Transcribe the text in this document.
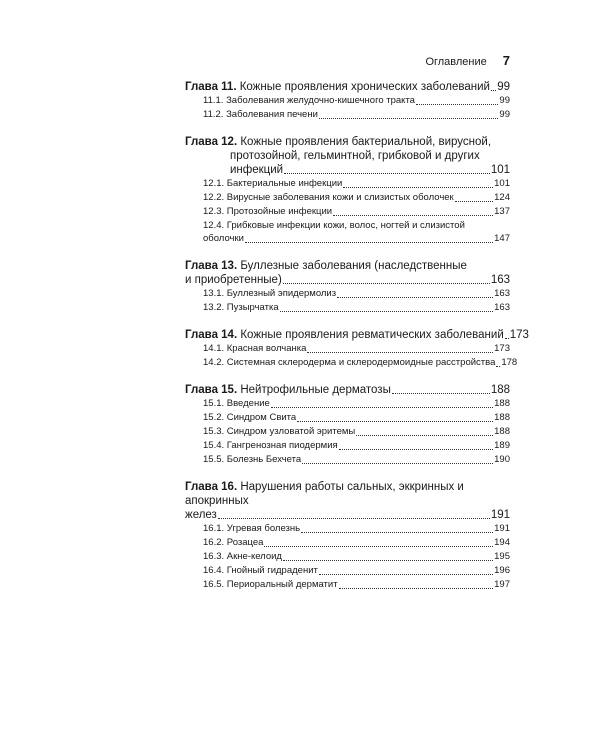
Оглавление 7
Глава 11. Кожные проявления хронических заболеваний 99
11.1. Заболевания желудочно-кишечного тракта	99
11.2. Заболевания печени	99
Глава 12. Кожные проявления бактериальной, вирусной,
протозойной, гельминтной, грибковой и других
инфекций	101
12.1. Бактериальные инфекции	101
12.2. Вирусные заболевания кожи и слизистых оболочек	124
12.3. Протозойные инфекции	137
12.4. Грибковые инфекции кожи, волос, ногтей и слизистой
оболочки	147
Глава 13. Буллезные заболевания (наследственные
и приобретенные)	163
13.1. Буллезный эпидермолиз	163
13.2. Пузырчатка	163
Глава 14. Кожные проявления ревматических заболеваний 173
14.1. Красная волчанка	173
14.2. Системная склеродерма и склеродермоидные расстройства 178
Глава 15. Нейтрофильные дерматозы	188
15.1. Введение	188
15.2. Синдром Свита	188
15.3. Синдром узловатой эритемы	188
15.4. Гангренозная пиодермия	189
15.5. Болезнь Бехчета	190
Глава 16. Нарушения работы сальных, эккринных и апокринных
желез	191
16.1. Угревая болезнь	191
16.2. Розацеа	194
16.3. Акне-келоид	195
16.4. Гнойный гидраденит	196
16.5. Периоральный дерматит	197
